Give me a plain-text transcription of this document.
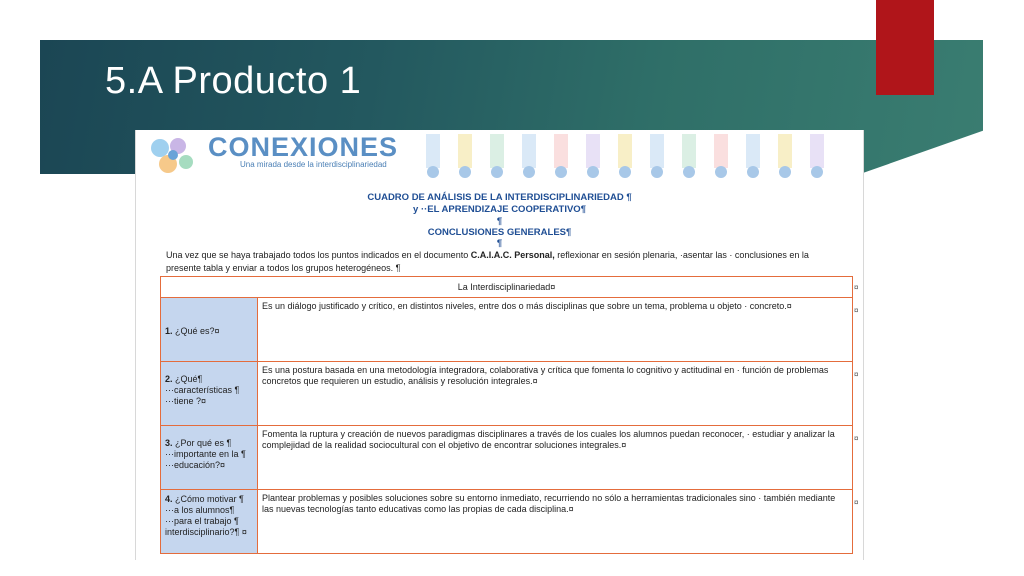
5.A Producto 1
CONEXIONES
Una mirada desde la interdisciplinariedad
CUADRO DE ANÁLISIS DE LA INTERDISCIPLINARIEDAD ¶
y ··EL APRENDIZAJE COOPERATIVO¶
¶
CONCLUSIONES GENERALES¶
¶
Una vez que se haya trabajado todos los puntos indicados en el documento C.A.I.A.C. Personal, reflexionar en sesión plenaria, ·asentar las · conclusiones en la presente tabla y enviar a todos los grupos heterogéneos. ¶
La Interdisciplinariedad¤	
1. ¿Qué es?¤	Es un diálogo justificado y crítico, en distintos niveles, entre dos o más disciplinas que sobre un tema, problema u objeto · concreto.¤
2. ¿Qué¶ ···características ¶ ···tiene ?¤	Es una postura basada en una metodología integradora, colaborativa y crítica que fomenta lo cognitivo y actitudinal en · función de problemas concretos que requieren un estudio, análisis y resolución integrales.¤
3. ¿Por qué es ¶ ···importante en la ¶ ···educación?¤	Fomenta la ruptura y creación de nuevos paradigmas disciplinares a través de los cuales los alumnos puedan reconocer, · estudiar y analizar la complejidad de la realidad sociocultural con el objetivo de encontrar soluciones integrales.¤
4. ¿Cómo motivar ¶ ···a los alumnos¶ ···para el trabajo ¶ interdisciplinario?¶ ¤	Plantear problemas y posibles soluciones sobre su entorno inmediato, recurriendo no sólo a herramientas tradicionales sino · también mediante las nuevas tecnologías tanto educativas como las propias de cada disciplina.¤
¤
¤
¤
¤
¤
